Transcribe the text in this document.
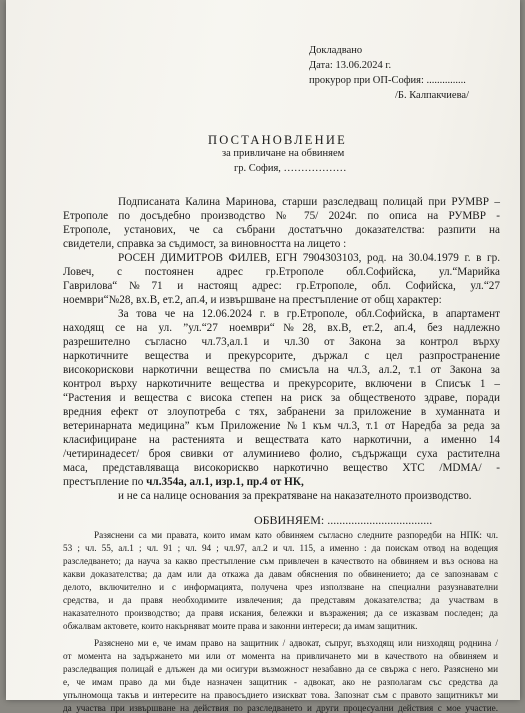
Докладвано
Дата: 13.06.2024 г.
прокурор при ОП-София: ...............
/Б. Калпакчиева/
ПОСТАНОВЛЕНИЕ
за привличане на обвиняем
гр. София, ………………
Подписаната Калина Маринова, старши разследващ полицай при РУМВР –
Етрополе по досъдебно производство № 75/ 2024г. по описа на РУМВР -
Етрополе, установих, че са събрани достатъчно доказателства: разпити на
свидетели, справка за съдимост, за виновността на лицето :
РОСЕН ДИМИТРОВ ФИЛЕВ, ЕГН 7904303103, род. на 30.04.1979 г. в гр.
Ловеч, с постоянен адрес гр.Етрополе обл.Софийска, ул.“Марийка
Гаврилова“№71 и настоящ адрес: гр.Етрополе, обл. Софийска, ул.“27
ноември“№28, вх.В, ет.2, ап.4, и извършване на престъпление от общ характер:
За това че на 12.06.2024 г. в гр.Етрополе, обл.Софийска, в апартамент
находящ се на ул. ”ул.“27 ноември“№28, вх.В, ет.2, ап.4, без надлежно
разрешително съгласно чл.73,ал.1 и чл.30 от Закона за контрол върху
наркотичните вещества и прекурсорите, държал с цел разпространение
високорискови наркотични вещества по смисъла на чл.3, ал.2, т.1 от Закона за
контрол върху наркотичните вещества и прекурсорите, включени в Списък 1 –
“Растения и вещества с висока степен на риск за общественото здраве, поради
вредния ефект от злоупотреба с тях, забранени за приложение в хуманната и
ветеринарната медицина” към Приложение №1 към чл.3, т.1 от Наредба за реда за
класифициране на растенията и веществата като наркотични, а именно 14
/четиринадесет/ броя свивки от алуминиево фолио, съдържащи суха растителна
маса, представляваща високорискво наркотично вещество ХТС /MDMA/ -
престъпление по чл.354а, ал.1, изр.1, пр.4 от НК,
и не са налице основания за прекратяване на наказателното производство.
ОБВИНЯЕМ: ...................................
Разяснени са ми правата, които имам като обвиняем съгласно следните разпоредби на НПК: чл.
53 ; чл. 55, ал.1 ; чл. 91 ; чл. 94 ; чл.97, ал.2 и чл. 115, а именно : да поискам отвод на водещия
разследването; да науча за какво престъпление съм привлечен в качеството на обвиняем и въз основа на
какви доказателства; да дам или да откажа да давам обяснения по обвинението; да се запознавам с
делото, включително и с информацията, получена чрез използване на специални разузнавателни
средства, и да правя необходимите извлечения; да представям доказателства; да участвам в
наказателното производство; да правя искания, бележки и възражения; да се изказвам последен; да
обжалвам актовете, които накърняват моите права и законни интереси; да имам защитник.
Разяснено ми е, че имам право на защитник / адвокат, съпруг, възходящ или низходящ роднина /
от момента на задържането ми или от момента на привличането ми в качеството на обвиняем и
разследващия полицай е длъжен да ми осигури възможност незабавно да се свържа с него. Разяснено ми
е, че имам право да ми бъде назначен защитник - адвокат, ако не разполагам със средства да
упълномоща такъв и интересите на правосъдието изискват това. Запознат съм с правото защитникът ми
да участва при извършване на действия по разследването и други процесуални действия с мое участие.
